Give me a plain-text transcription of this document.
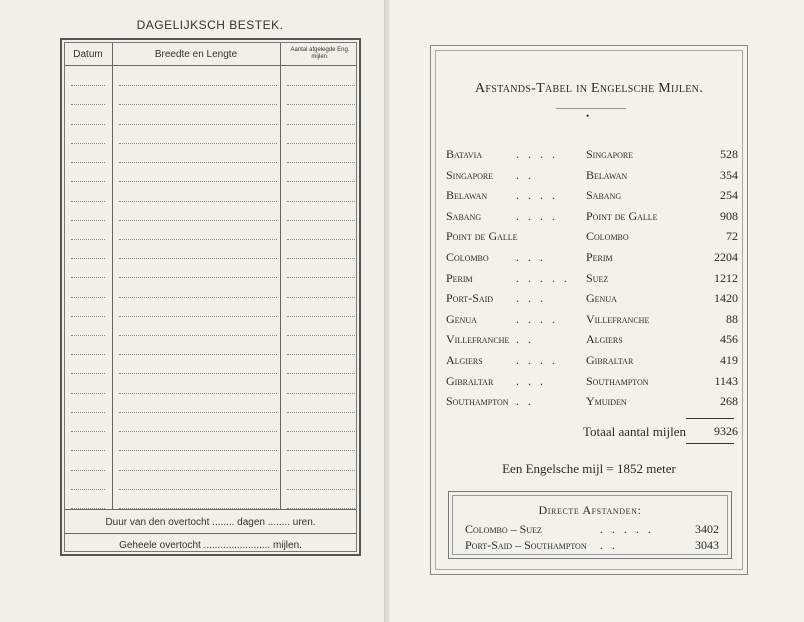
DAGELIJKSCH BESTEK.
Datum	Breedte en Lengte	Aantal afgelegde Eng. mijlen.
Duur van den overtocht ........ dagen ........ uren.
Geheele overtocht ........................ mijlen.
Afstands-Tabel in Engelsche Mijlen.
•
Batavia	. . . . Singapore	528
Singapore . .	Belawan	354
Belawan . . . . Sabang	254
Sabang	. . . . Point de Galle	908
Point de Galle	Colombo	72
Colombo . . .	Perim	2204
Perim	. . . . . Suez	1212
Port-Said . . .	Genua	1420
Genua	. . . . Villefranche	88
Villefranche . .	Algiers	456
Algiers	. . . . Gibraltar	419
Gibraltar . . .	Southampton	1143
Southampton . .	Ymuiden	268
Totaal aantal mijlen 9326
Een Engelsche mijl = 1852 meter
Directe Afstanden:
Colombo – Suez	. . . . .	3402
Port-Said – Southampton . .	3043
